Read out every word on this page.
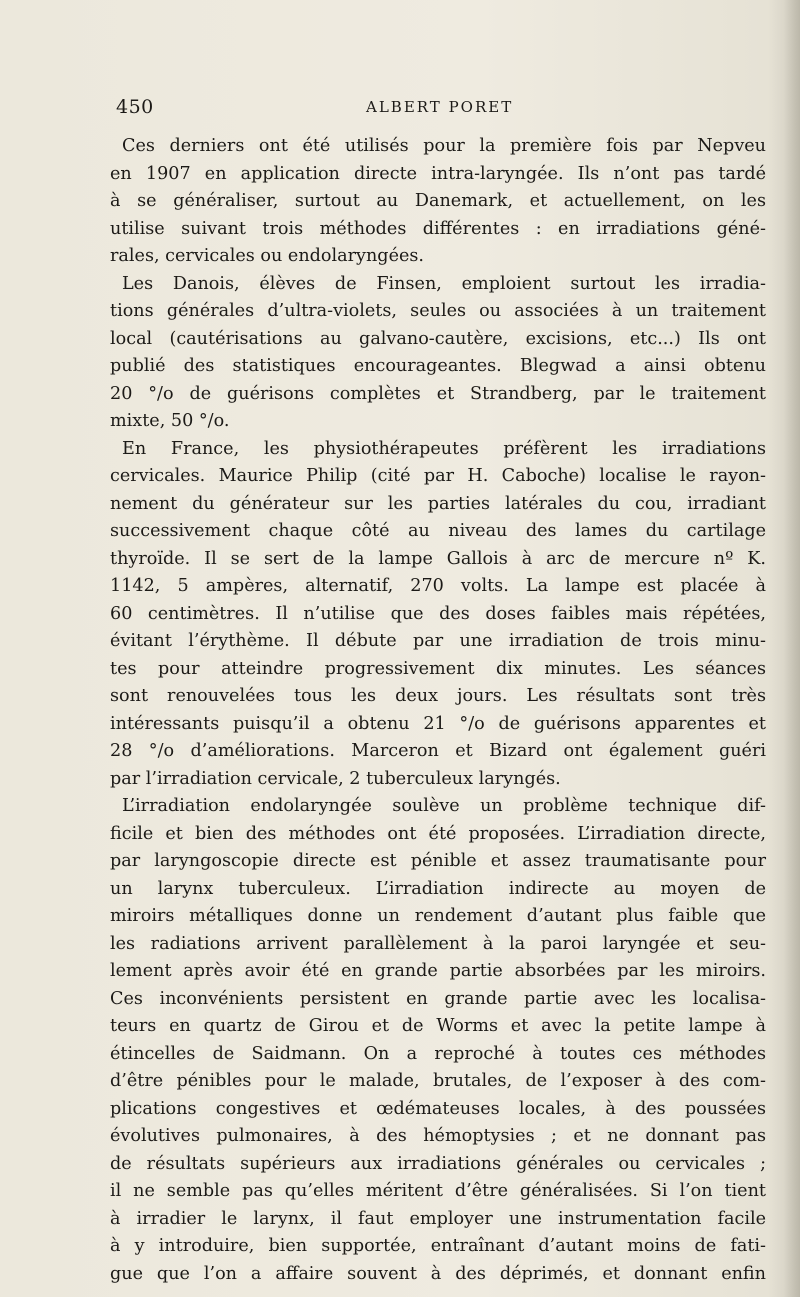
450	ALBERT PORET
Ces derniers ont été utilisés pour la première fois par Nepveu
en 1907 en application directe intra-laryngée. Ils n’ont pas tardé
à se généraliser, surtout au Danemark, et actuellement, on les
utilise suivant trois méthodes différentes : en irradiations géné-
rales, cervicales ou endolaryngées.
Les Danois, élèves de Finsen, emploient surtout les irradia-
tions générales d’ultra-violets, seules ou associées à un traitement
local (cautérisations au galvano-cautère, excisions, etc...) Ils ont
publié des statistiques encourageantes. Blegwad a ainsi obtenu
20 °/o de guérisons complètes et Strandberg, par le traitement
mixte, 50 °/o.
En France, les physiothérapeutes préfèrent les irradiations
cervicales. Maurice Philip (cité par H. Caboche) localise le rayon-
nement du générateur sur les parties latérales du cou, irradiant
successivement chaque côté au niveau des lames du cartilage
thyroïde. Il se sert de la lampe Gallois à arc de mercure nº K.
1142, 5 ampères, alternatif, 270 volts. La lampe est placée à
60 centimètres. Il n’utilise que des doses faibles mais répétées,
évitant l’érythème. Il débute par une irradiation de trois minu-
tes pour atteindre progressivement dix minutes. Les séances
sont renouvelées tous les deux jours. Les résultats sont très
intéressants puisqu’il a obtenu 21 °/o de guérisons apparentes et
28 °/o d’améliorations. Marceron et Bizard ont également guéri
par l’irradiation cervicale, 2 tuberculeux laryngés.
L’irradiation endolaryngée soulève un problème technique dif-
ficile et bien des méthodes ont été proposées. L’irradiation directe,
par laryngoscopie directe est pénible et assez traumatisante pour
un larynx tuberculeux. L’irradiation indirecte au moyen de
miroirs métalliques donne un rendement d’autant plus faible que
les radiations arrivent parallèlement à la paroi laryngée et seu-
lement après avoir été en grande partie absorbées par les miroirs.
Ces inconvénients persistent en grande partie avec les localisa-
teurs en quartz de Girou et de Worms et avec la petite lampe à
étincelles de Saidmann. On a reproché à toutes ces méthodes
d’être pénibles pour le malade, brutales, de l’exposer à des com-
plications congestives et œdémateuses locales, à des poussées
évolutives pulmonaires, à des hémoptysies ; et ne donnant pas
de résultats supérieurs aux irradiations générales ou cervicales ;
il ne semble pas qu’elles méritent d’être généralisées. Si l’on tient
à irradier le larynx, il faut employer une instrumentation facile
à y introduire, bien supportée, entraînant d’autant moins de fati-
gue que l’on a affaire souvent à des déprimés, et donnant enfin
